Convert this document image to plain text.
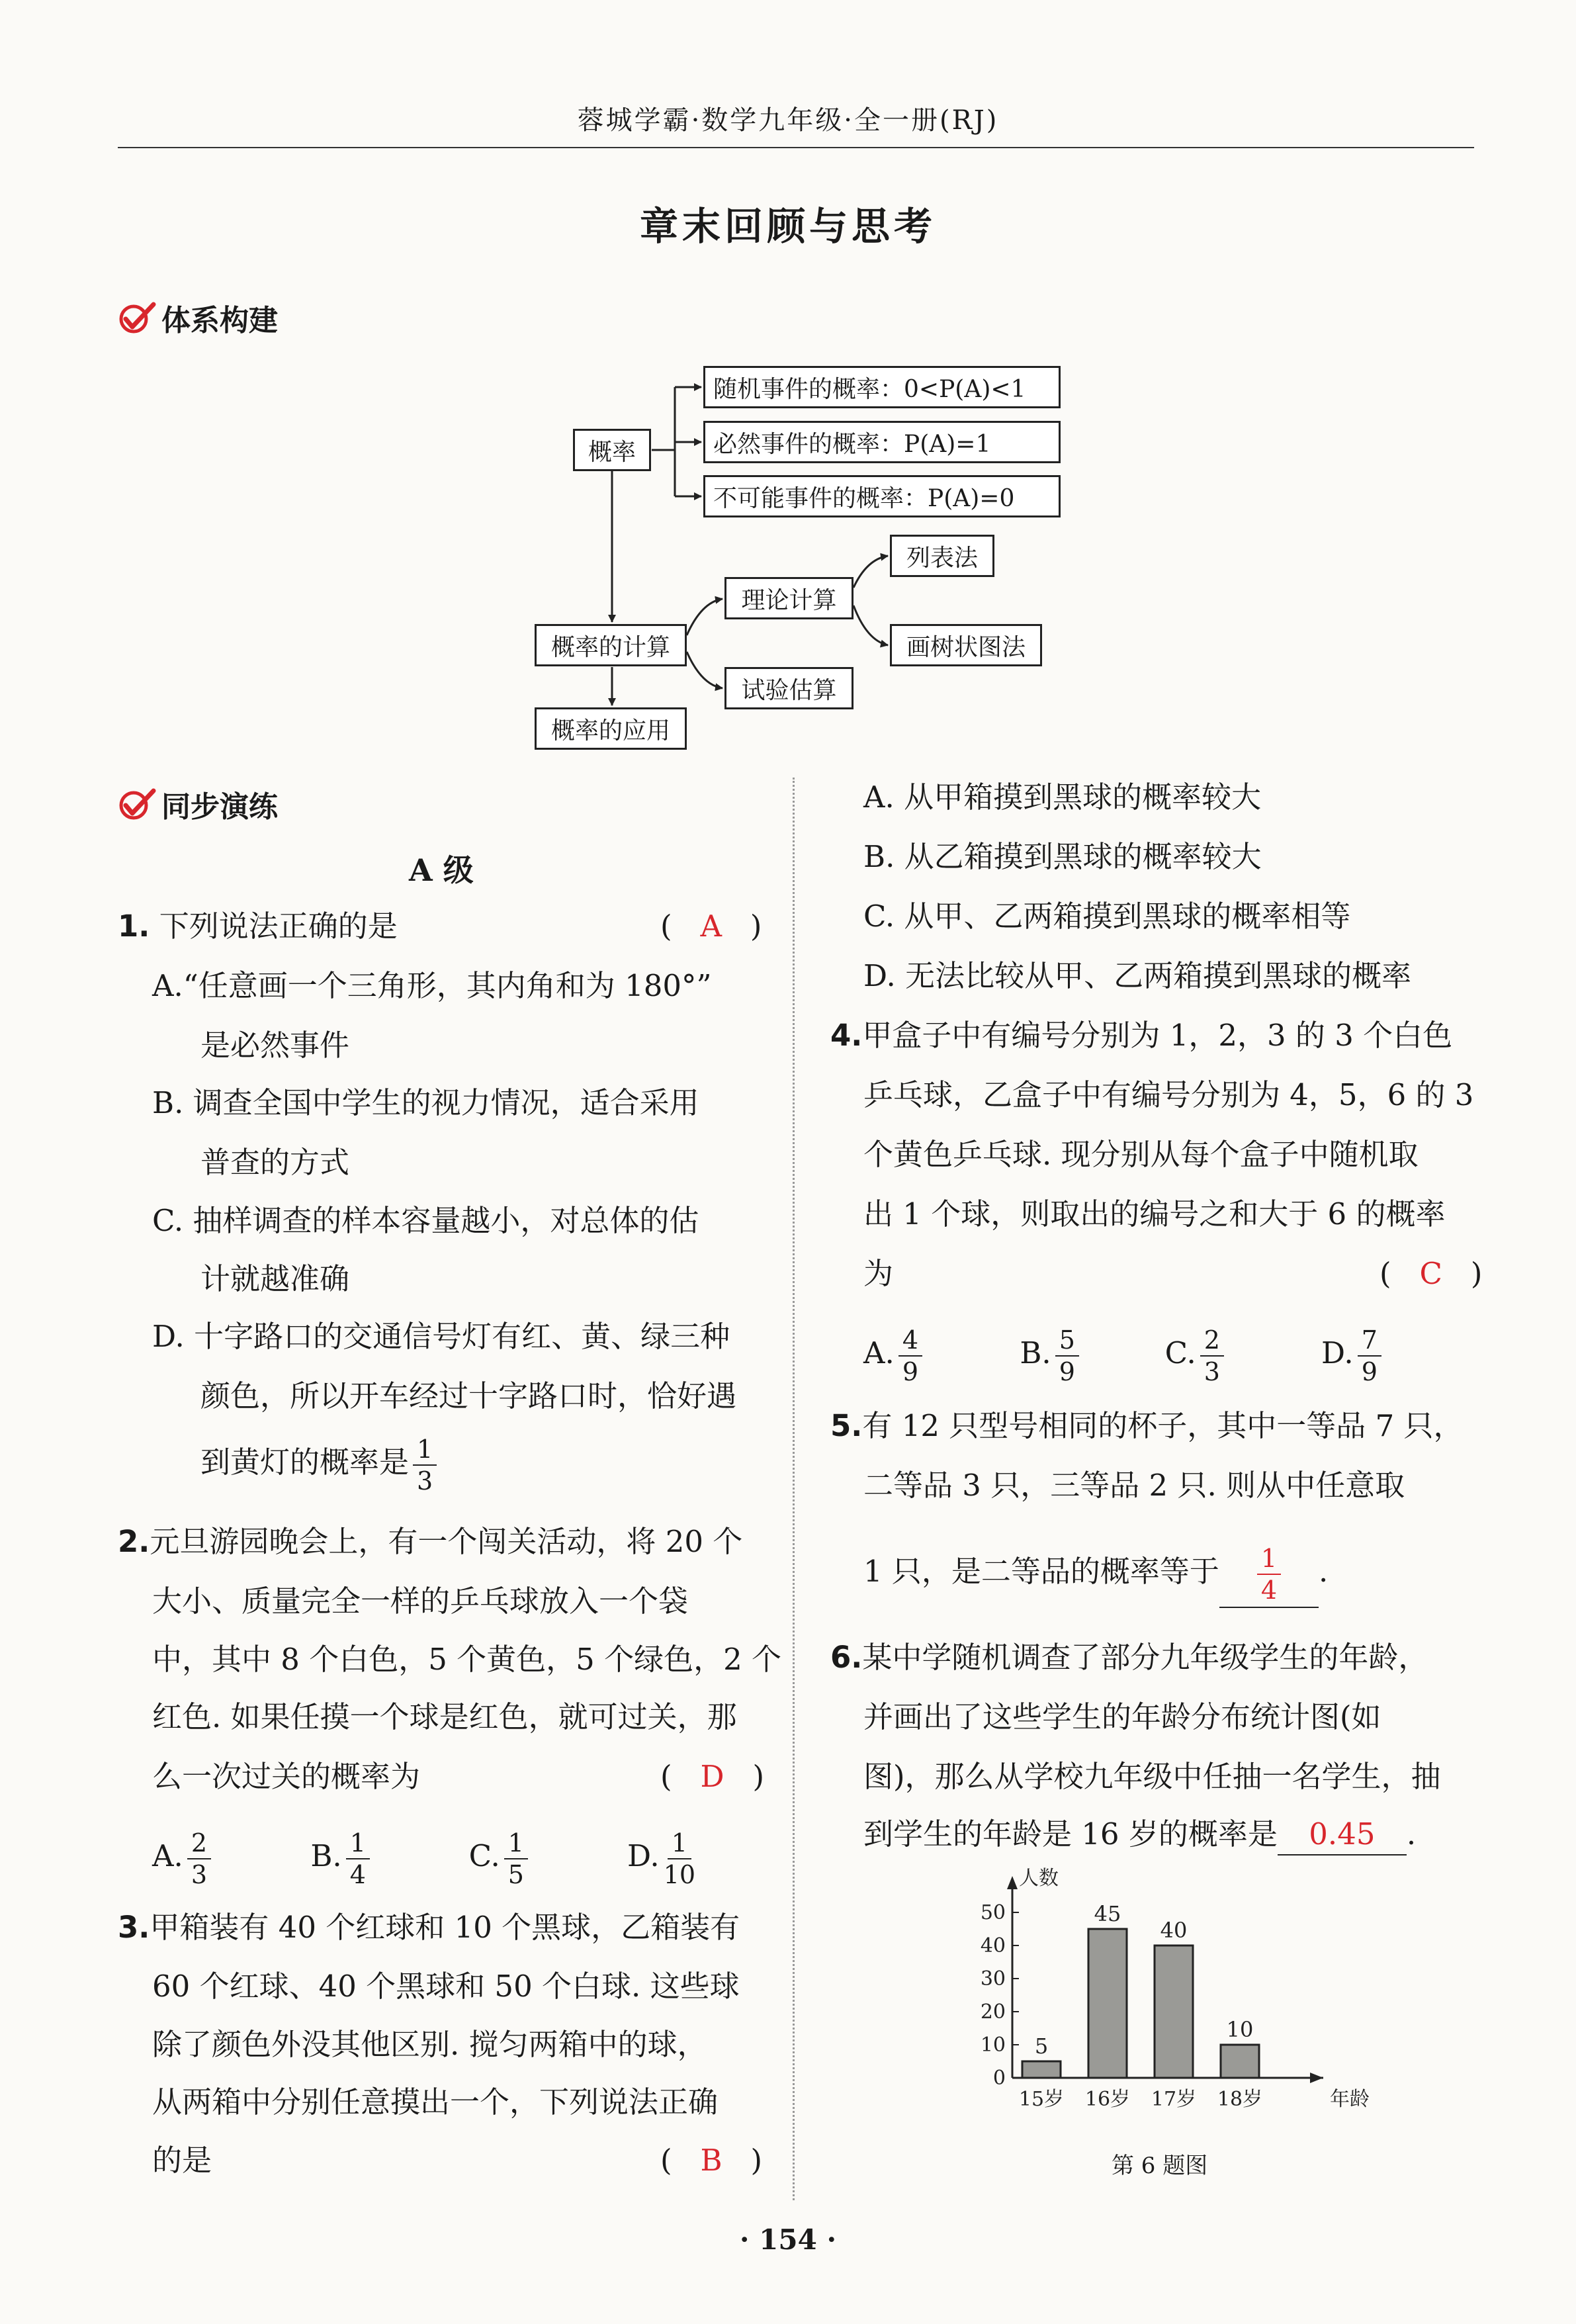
蓉城学霸·数学九年级·全一册(RJ)
章末回顾与思考
体系构建
概率
随机事件的概率：0<P(A)<1
必然事件的概率：P(A)=1
不可能事件的概率：P(A)=0
概率的计算
理论计算
试验估算
列表法
画树状图法
概率的应用
同步演练
A 级
1. 下列说法正确的是	(   A   )
A.“任意画一个三角形，其内角和为 180°”
是必然事件
B. 调查全国中学生的视力情况，适合采用
普查的方式
C. 抽样调查的样本容量越小，对总体的估
计就越准确
D. 十字路口的交通信号灯有红、黄、绿三种
颜色，所以开车经过十字路口时，恰好遇
到黄灯的概率是 $\frac{1}{3}$
2.元旦游园晚会上，有一个闯关活动，将 20 个
大小、质量完全一样的乒乓球放入一个袋
中，其中 8 个白色，5 个黄色，5 个绿色，2 个
红色. 如果任摸一个球是红色，就可过关，那
么一次过关的概率为	(   D   )
A. $\frac{2}{3}$	B. $\frac{1}{4}$	C. $\frac{1}{5}$	D. $\frac{1}{10}$
3.甲箱装有 40 个红球和 10 个黑球，乙箱装有
60 个红球、40 个黑球和 50 个白球. 这些球
除了颜色外没其他区别. 搅匀两箱中的球，
从两箱中分别任意摸出一个，下列说法正确
的是	(   B   )
A. 从甲箱摸到黑球的概率较大
B. 从乙箱摸到黑球的概率较大
C. 从甲、乙两箱摸到黑球的概率相等
D. 无法比较从甲、乙两箱摸到黑球的概率
4.甲盒子中有编号分别为 1，2，3 的 3 个白色
乒乓球，乙盒子中有编号分别为 4，5，6 的 3
个黄色乒乓球. 现分别从每个盒子中随机取
出 1 个球，则取出的编号之和大于 6 的概率
为	(   C   )
A. $\frac{4}{9}$	B. $\frac{5}{9}$	C. $\frac{2}{3}$	D. $\frac{7}{9}$
5.有 12 只型号相同的杯子，其中一等品 7 只，
二等品 3 只，三等品 2 只. 则从中任意取
1 只，是二等品的概率等于 $\frac{1}{4}$ .
6.某中学随机调查了部分九年级学生的年龄，
并画出了这些学生的年龄分布统计图(如
图)，那么从学校九年级中任抽一名学生，抽
到学生的年龄是 16 岁的概率是 0.45 .
人数
年龄
0
10
20
30
40
50
5
15岁
45
16岁
40
17岁
10
18岁
第 6 题图
· 154 ·
